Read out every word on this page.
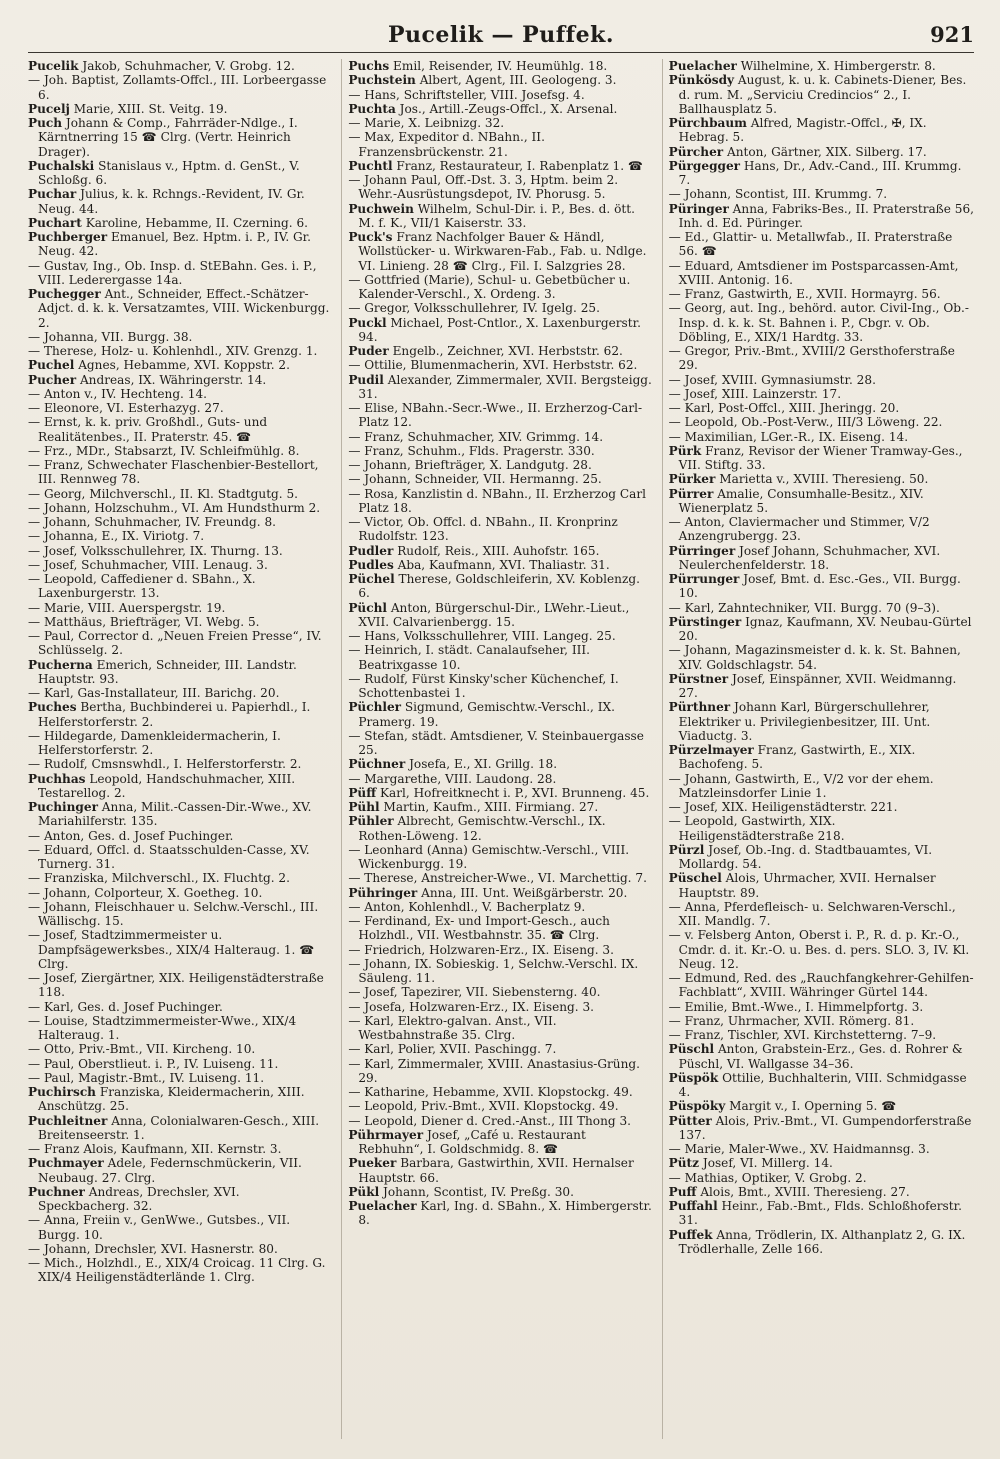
Pucelik — Puffek.	921

Pucelik Jakob, Schuhmacher, V. Grobg. 12.

— Joh. Baptist, Zollamts-Offcl., III. Lorbeergasse 6.

Pucelj Marie, XIII. St. Veitg. 19.

Puch Johann & Comp., Fahrräder-Ndlge., I. Kärntnerring 15 ☎ Clrg. (Vertr. Heinrich Drager).

Puchalski Stanislaus v., Hptm. d. GenSt., V. Schloßg. 6.

Puchar Julius, k. k. Rchngs.-Revident, IV. Gr. Neug. 44.

Puchart Karoline, Hebamme, II. Czerning. 6.

Puchberger Emanuel, Bez. Hptm. i. P., IV. Gr. Neug. 42.

— Gustav, Ing., Ob. Insp. d. StEBahn. Ges. i. P., VIII. Lederergasse 14a.

Puchegger Ant., Schneider, Effect.-Schätzer-Adjct. d. k. k. Versatzamtes, VIII. Wickenburgg. 2.

— Johanna, VII. Burgg. 38.

— Therese, Holz- u. Kohlenhdl., XIV. Grenzg. 1.

Puchel Agnes, Hebamme, XVI. Koppstr. 2.

Pucher Andreas, IX. Währingerstr. 14.

— Anton v., IV. Hechteng. 14.

— Eleonore, VI. Esterhazyg. 27.

— Ernst, k. k. priv. Großhdl., Guts- und Realitätenbes., II. Praterstr. 45. ☎

— Frz., MDr., Stabsarzt, IV. Schleifmühlg. 8.

— Franz, Schwechater Flaschenbier-Bestellort, III. Rennweg 78.

— Georg, Milchverschl., II. Kl. Stadtgutg. 5.

— Johann, Holzschuhm., VI. Am Hundsthurm 2.

— Johann, Schuhmacher, IV. Freundg. 8.

— Johanna, E., IX. Viriotg. 7.

— Josef, Volksschullehrer, IX. Thurng. 13.

— Josef, Schuhmacher, VIII. Lenaug. 3.

— Leopold, Caffediener d. SBahn., X. Laxenburgerstr. 13.

— Marie, VIII. Auerspergstr. 19.

— Matthäus, Briefträger, VI. Webg. 5.

— Paul, Corrector d. „Neuen Freien Presse“, IV. Schlüsselg. 2.

Pucherna Emerich, Schneider, III. Landstr. Hauptstr. 93.

— Karl, Gas-Installateur, III. Barichg. 20.

Puches Bertha, Buchbinderei u. Papierhdl., I. Helferstorferstr. 2.

— Hildegarde, Damenkleidermacherin, I. Helferstorferstr. 2.

— Rudolf, Cmsnswhdl., I. Helferstorferstr. 2.

Puchhas Leopold, Handschuhmacher, XIII. Testarellog. 2.

Puchinger Anna, Milit.-Cassen-Dir.-Wwe., XV. Mariahilferstr. 135.

— Anton, Ges. d. Josef Puchinger.

— Eduard, Offcl. d. Staatsschulden-Casse, XV. Turnerg. 31.

— Franziska, Milchverschl., IX. Fluchtg. 2.

— Johann, Colporteur, X. Goetheg. 10.

— Johann, Fleischhauer u. Selchw.-Verschl., III. Wällischg. 15.

— Josef, Stadtzimmermeister u. Dampfsägewerksbes., XIX/4 Halteraug. 1. ☎ Clrg.

— Josef, Ziergärtner, XIX. Heiligenstädterstraße 118.

— Karl, Ges. d. Josef Puchinger.

— Louise, Stadtzimmermeister-Wwe., XIX/4 Halteraug. 1.

— Otto, Priv.-Bmt., VII. Kircheng. 10.

— Paul, Oberstlieut. i. P., IV. Luiseng. 11.

— Paul, Magistr.-Bmt., IV. Luiseng. 11.

Puchirsch Franziska, Kleidermacherin, XIII. Anschützg. 25.

Puchleitner Anna, Colonialwaren-Gesch., XIII. Breitenseerstr. 1.

— Franz Alois, Kaufmann, XII. Kernstr. 3.

Puchmayer Adele, Federnschmückerin, VII. Neubaug. 27. Clrg.

Puchner Andreas, Drechsler, XVI. Speckbacherg. 32.

— Anna, Freiin v., GenWwe., Gutsbes., VII. Burgg. 10.

— Johann, Drechsler, XVI. Hasnerstr. 80.

— Mich., Holzhdl., E., XIX/4 Croicag. 11 Clrg. G. XIX/4 Heiligenstädterlände 1. Clrg.

Puchs Emil, Reisender, IV. Heumühlg. 18.

Puchstein Albert, Agent, III. Geologeng. 3.

— Hans, Schriftsteller, VIII. Josefsg. 4.

Puchta Jos., Artill.-Zeugs-Offcl., X. Arsenal.

— Marie, X. Leibnizg. 32.

— Max, Expeditor d. NBahn., II. Franzensbrückenstr. 21.

Puchtl Franz, Restaurateur, I. Rabenplatz 1. ☎

— Johann Paul, Off.-Dst. 3. 3, Hptm. beim 2. Wehr.-Ausrüstungsdepot, IV. Phorusg. 5.

Puchwein Wilhelm, Schul-Dir. i. P., Bes. d. ött. M. f. K., VII/1 Kaiserstr. 33.

Puck's Franz Nachfolger Bauer & Händl, Wollstücker- u. Wirkwaren-Fab., Fab. u. Ndlge. VI. Linieng. 28 ☎ Clrg., Fil. I. Salzgries 28.

— Gottfried (Marie), Schul- u. Gebetbücher u. Kalender-Verschl., X. Ordeng. 3.

— Gregor, Volksschullehrer, IV. Igelg. 25.

Puckl Michael, Post-Cntlor., X. Laxenburgerstr. 94.

Puder Engelb., Zeichner, XVI. Herbststr. 62.

— Ottilie, Blumenmacherin, XVI. Herbststr. 62.

Pudil Alexander, Zimmermaler, XVII. Bergsteigg. 31.

— Elise, NBahn.-Secr.-Wwe., II. Erzherzog-Carl-Platz 12.

— Franz, Schuhmacher, XIV. Grimmg. 14.

— Franz, Schuhm., Flds. Pragerstr. 330.

— Johann, Briefträger, X. Landgutg. 28.

— Johann, Schneider, VII. Hermanng. 25.

— Rosa, Kanzlistin d. NBahn., II. Erzherzog Carl Platz 18.

— Victor, Ob. Offcl. d. NBahn., II. Kronprinz Rudolfstr. 123.

Pudler Rudolf, Reis., XIII. Auhofstr. 165.

Pudles Aba, Kaufmann, XVI. Thaliastr. 31.

Püchel Therese, Goldschleiferin, XV. Koblenzg. 6.

Püchl Anton, Bürgerschul-Dir., LWehr.-Lieut., XVII. Calvarienbergg. 15.

— Hans, Volksschullehrer, VIII. Langeg. 25.

— Heinrich, I. städt. Canalaufseher, III. Beatrixgasse 10.

— Rudolf, Fürst Kinsky'scher Küchenchef, I. Schottenbastei 1.

Püchler Sigmund, Gemischtw.-Verschl., IX. Pramerg. 19.

— Stefan, städt. Amtsdiener, V. Steinbauergasse 25.

Püchner Josefa, E., XI. Grillg. 18.

— Margarethe, VIII. Laudong. 28.

Püff Karl, Hofreitknecht i. P., XVI. Brunneng. 45.

Pühl Martin, Kaufm., XIII. Firmiang. 27.

Pühler Albrecht, Gemischtw.-Verschl., IX. Rothen-Löweng. 12.

— Leonhard (Anna) Gemischtw.-Verschl., VIII. Wickenburgg. 19.

— Therese, Anstreicher-Wwe., VI. Marchettig. 7.

Pühringer Anna, III. Unt. Weißgärberstr. 20.

— Anton, Kohlenhdl., V. Bacherplatz 9.

— Ferdinand, Ex- und Import-Gesch., auch Holzhdl., VII. Westbahnstr. 35. ☎ Clrg.

— Friedrich, Holzwaren-Erz., IX. Eiseng. 3.

— Johann, IX. Sobieskig. 1, Selchw.-Verschl. IX. Säuleng. 11.

— Josef, Tapezirer, VII. Siebensterng. 40.

— Josefa, Holzwaren-Erz., IX. Eiseng. 3.

— Karl, Elektro-galvan. Anst., VII. Westbahnstraße 35. Clrg.

— Karl, Polier, XVII. Paschingg. 7.

— Karl, Zimmermaler, XVIII. Anastasius-Grüng. 29.

— Katharine, Hebamme, XVII. Klopstockg. 49.

— Leopold, Priv.-Bmt., XVII. Klopstockg. 49.

— Leopold, Diener d. Cred.-Anst., III Thong 3.

Pührmayer Josef, „Café u. Restaurant Rebhuhn“, I. Goldschmidg. 8. ☎

Pueker Barbara, Gastwirthin, XVII. Hernalser Hauptstr. 66.

Pükl Johann, Scontist, IV. Preßg. 30.

Puelacher Karl, Ing. d. SBahn., X. Himbergerstr. 8.

Puelacher Wilhelmine, X. Himbergerstr. 8.

Pünkösdy August, k. u. k. Cabinets-Diener, Bes. d. rum. M. „Serviciu Credincios“ 2., I. Ballhausplatz 5.

Pürchbaum Alfred, Magistr.-Offcl., ✠, IX. Hebrag. 5.

Pürcher Anton, Gärtner, XIX. Silberg. 17.

Pürgegger Hans, Dr., Adv.-Cand., III. Krummg. 7.

— Johann, Scontist, III. Krummg. 7.

Püringer Anna, Fabriks-Bes., II. Praterstraße 56, Inh. d. Ed. Püringer.

— Ed., Glattir- u. Metallwfab., II. Praterstraße 56. ☎

— Eduard, Amtsdiener im Postsparcassen-Amt, XVIII. Antonig. 16.

— Franz, Gastwirth, E., XVII. Hormayrg. 56.

— Georg, aut. Ing., behörd. autor. Civil-Ing., Ob.-Insp. d. k. k. St. Bahnen i. P., Cbgr. v. Ob. Döbling, E., XIX/1 Hardtg. 33.

— Gregor, Priv.-Bmt., XVIII/2 Gersthoferstraße 29.

— Josef, XVIII. Gymnasiumstr. 28.

— Josef, XIII. Lainzerstr. 17.

— Karl, Post-Offcl., XIII. Jheringg. 20.

— Leopold, Ob.-Post-Verw., III/3 Löweng. 22.

— Maximilian, LGer.-R., IX. Eiseng. 14.

Pürk Franz, Revisor der Wiener Tramway-Ges., VII. Stiftg. 33.

Pürker Marietta v., XVIII. Theresieng. 50.

Pürrer Amalie, Consumhalle-Besitz., XIV. Wienerplatz 5.

— Anton, Claviermacher und Stimmer, V/2 Anzengrubergg. 23.

Pürringer Josef Johann, Schuhmacher, XVI. Neulerchenfelderstr. 18.

Pürrunger Josef, Bmt. d. Esc.-Ges., VII. Burgg. 10.

— Karl, Zahntechniker, VII. Burgg. 70 (9–3).

Pürstinger Ignaz, Kaufmann, XV. Neubau-Gürtel 20.

— Johann, Magazinsmeister d. k. k. St. Bahnen, XIV. Goldschlagstr. 54.

Pürstner Josef, Einspänner, XVII. Weidmanng. 27.

Pürthner Johann Karl, Bürgerschullehrer, Elektriker u. Privilegienbesitzer, III. Unt. Viaductg. 3.

Pürzelmayer Franz, Gastwirth, E., XIX. Bachofeng. 5.

— Johann, Gastwirth, E., V/2 vor der ehem. Matzleinsdorfer Linie 1.

— Josef, XIX. Heiligenstädterstr. 221.

— Leopold, Gastwirth, XIX. Heiligenstädterstraße 218.

Pürzl Josef, Ob.-Ing. d. Stadtbauamtes, VI. Mollardg. 54.

Püschel Alois, Uhrmacher, XVII. Hernalser Hauptstr. 89.

— Anna, Pferdefleisch- u. Selchwaren-Verschl., XII. Mandlg. 7.

— v. Felsberg Anton, Oberst i. P., R. d. p. Kr.-O., Cmdr. d. it. Kr.-O. u. Bes. d. pers. SLO. 3, IV. Kl. Neug. 12.

— Edmund, Red. des „Rauchfangkehrer-Gehilfen-Fachblatt“, XVIII. Währinger Gürtel 144.

— Emilie, Bmt.-Wwe., I. Himmelpfortg. 3.

— Franz, Uhrmacher, XVII. Römerg. 81.

— Franz, Tischler, XVI. Kirchstetterng. 7–9.

Püschl Anton, Grabstein-Erz., Ges. d. Rohrer & Püschl, VI. Wallgasse 34–36.

Püspök Ottilie, Buchhalterin, VIII. Schmidgasse 4.

Püspöky Margit v., I. Operning 5. ☎

Pütter Alois, Priv.-Bmt., VI. Gumpendorferstraße 137.

— Marie, Maler-Wwe., XV. Haidmannsg. 3.

Pütz Josef, VI. Millerg. 14.

— Mathias, Optiker, V. Grobg. 2.

Puff Alois, Bmt., XVIII. Theresieng. 27.

Puffahl Heinr., Fab.-Bmt., Flds. Schloßhoferstr. 31.

Puffek Anna, Trödlerin, IX. Althanplatz 2, G. IX. Trödlerhalle, Zelle 166.
